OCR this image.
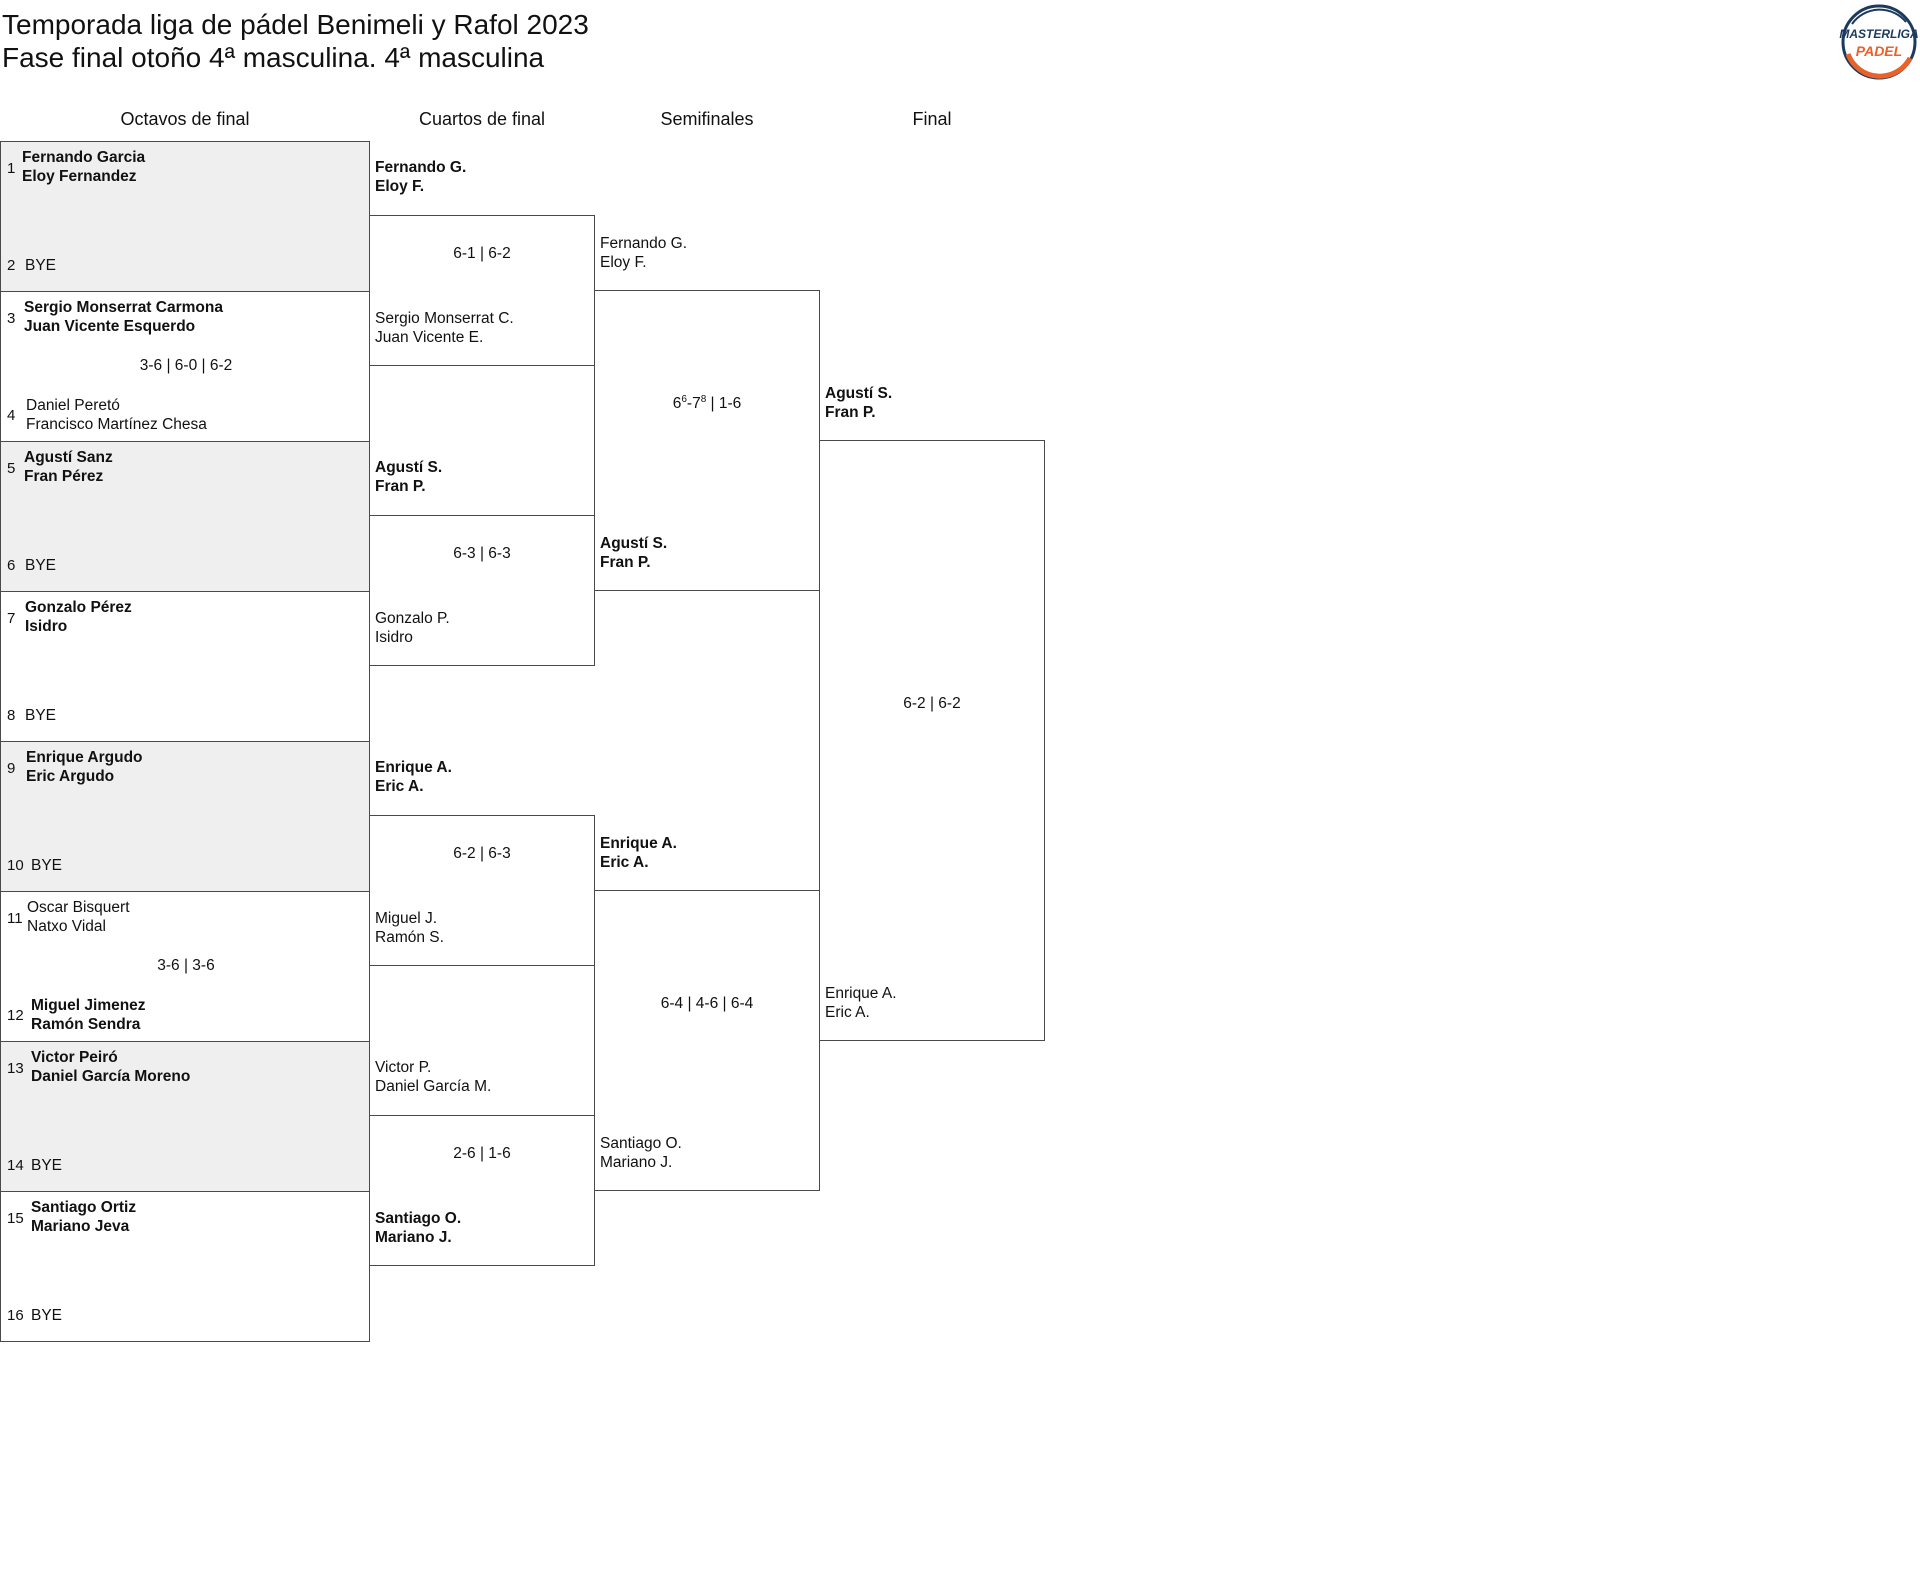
Temporada liga de pádel Benimeli y Rafol 2023
Fase final otoño 4ª masculina. 4ª masculina
MASTERLIGA
PADEL
Octavos de final	Cuartos de final	Semifinales	Final
1
Fernando Garcia
Eloy Fernandez
2 BYE
3
Sergio Monserrat Carmona
Juan Vicente Esquerdo
3-6 | 6-0 | 6-2
4
Daniel Peretó
Francisco Martínez Chesa
5
Agustí Sanz
Fran Pérez
6 BYE
7
Gonzalo Pérez
Isidro
8 BYE
9
Enrique Argudo
Eric Argudo
10 BYE
11
Oscar Bisquert
Natxo Vidal
3-6 | 3-6
12
Miguel Jimenez
Ramón Sendra
13
Victor Peiró
Daniel García Moreno
14 BYE
15
Santiago Ortiz
Mariano Jeva
16 BYE
Fernando G.
Eloy F.
6-1 | 6-2
Sergio Monserrat C.
Juan Vicente E.
Agustí S.
Fran P.
6-3 | 6-3
Gonzalo P.
Isidro
Enrique A.
Eric A.
6-2 | 6-3
Miguel J.
Ramón S.
Victor P.
Daniel García M.
2-6 | 1-6
Santiago O.
Mariano J.
Fernando G.
Eloy F.
$6^6-7^8$ | 1-6
Agustí S.
Fran P.
Enrique A.
Eric A.
6-4 | 4-6 | 6-4
Santiago O.
Mariano J.
Agustí S.
Fran P.
6-2 | 6-2
Enrique A.
Eric A.
